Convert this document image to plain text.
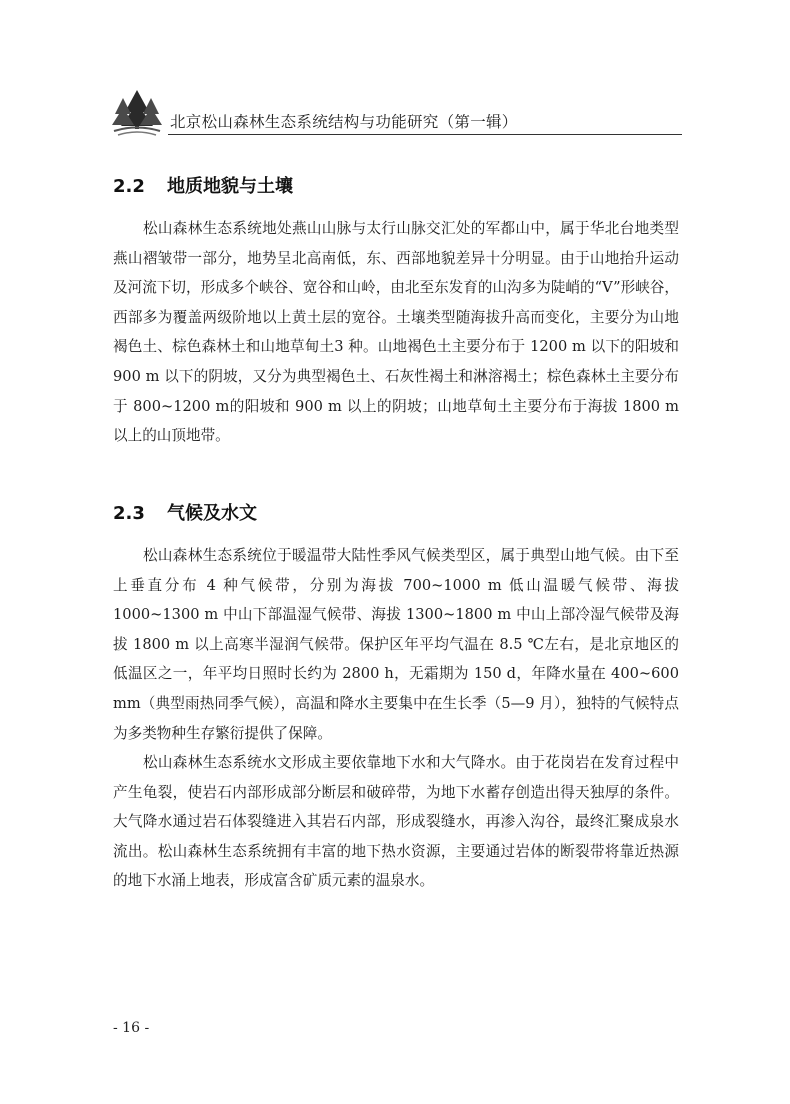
北京松山森林生态系统结构与功能研究（第一辑）
2.2 地质地貌与土壤

松山森林生态系统地处燕山山脉与太行山脉交汇处的军都山中，属于华北台地类型燕山褶皱带一部分，地势呈北高南低，东、西部地貌差异十分明显。由于山地抬升运动及河流下切，形成多个峡谷、宽谷和山岭，由北至东发育的山沟多为陡峭的“V”形峡谷，西部多为覆盖两级阶地以上黄土层的宽谷。土壤类型随海拔升高而变化，主要分为山地褐色土、棕色森林土和山地草甸土3 种。山地褐色土主要分布于 1200 m 以下的阳坡和 900 m 以下的阴坡，又分为典型褐色土、石灰性褐土和淋溶褐土；棕色森林土主要分布于 800~1200 m的阳坡和 900 m 以上的阴坡；山地草甸土主要分布于海拔 1800 m 以上的山顶地带。

2.3 气候及水文

松山森林生态系统位于暖温带大陆性季风气候类型区，属于典型山地气候。由下至上垂直分布 4 种气候带，分别为海拔 700~1000 m 低山温暖气候带、海拔 1000~1300 m 中山下部温湿气候带、海拔 1300~1800 m 中山上部冷湿气候带及海拔 1800 m 以上高寒半湿润气候带。保护区年平均气温在 8.5 ℃左右，是北京地区的低温区之一，年平均日照时长约为 2800 h，无霜期为 150 d，年降水量在 400~600 mm（典型雨热同季气候），高温和降水主要集中在生长季（5—9 月），独特的气候特点为多类物种生存繁衍提供了保障。

松山森林生态系统水文形成主要依靠地下水和大气降水。由于花岗岩在发育过程中产生龟裂，使岩石内部形成部分断层和破碎带，为地下水蓄存创造出得天独厚的条件。大气降水通过岩石体裂缝进入其岩石内部，形成裂缝水，再渗入沟谷，最终汇聚成泉水流出。松山森林生态系统拥有丰富的地下热水资源，主要通过岩体的断裂带将靠近热源的地下水涌上地表，形成富含矿质元素的温泉水。

- 16 -
